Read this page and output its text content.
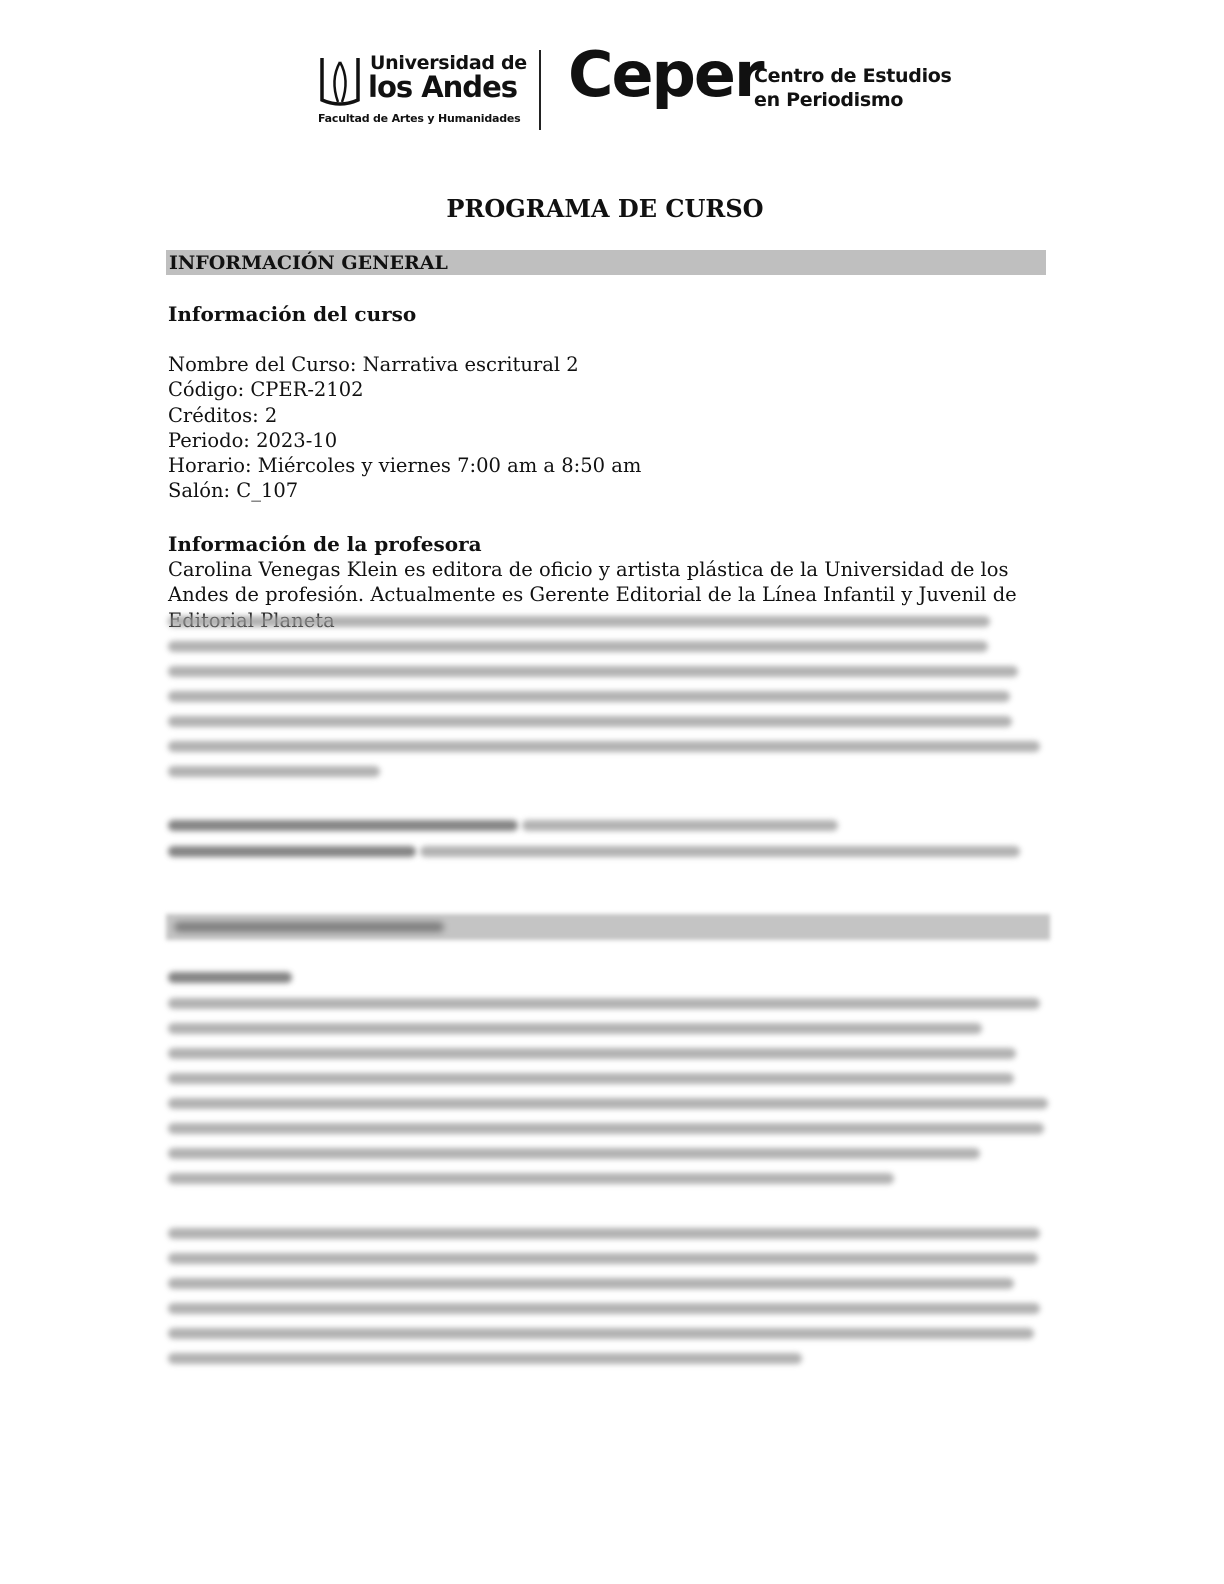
Universidad de
los Andes
Facultad de Artes y Humanidades
Ceper
Centro de Estudios
en Periodismo
PROGRAMA DE CURSO
INFORMACIÓN GENERAL
Información del curso
Nombre del Curso: Narrativa escritural 2
Código: CPER-2102
Créditos: 2
Periodo: 2023-10
Horario: Miércoles y viernes 7:00 am a 8:50 am
Salón: C_107
Información de la profesora

Carolina Venegas Klein es editora de oficio y artista plástica de la Universidad de los Andes de profesión. Actualmente es Gerente Editorial de la Línea Infantil y Juvenil de
